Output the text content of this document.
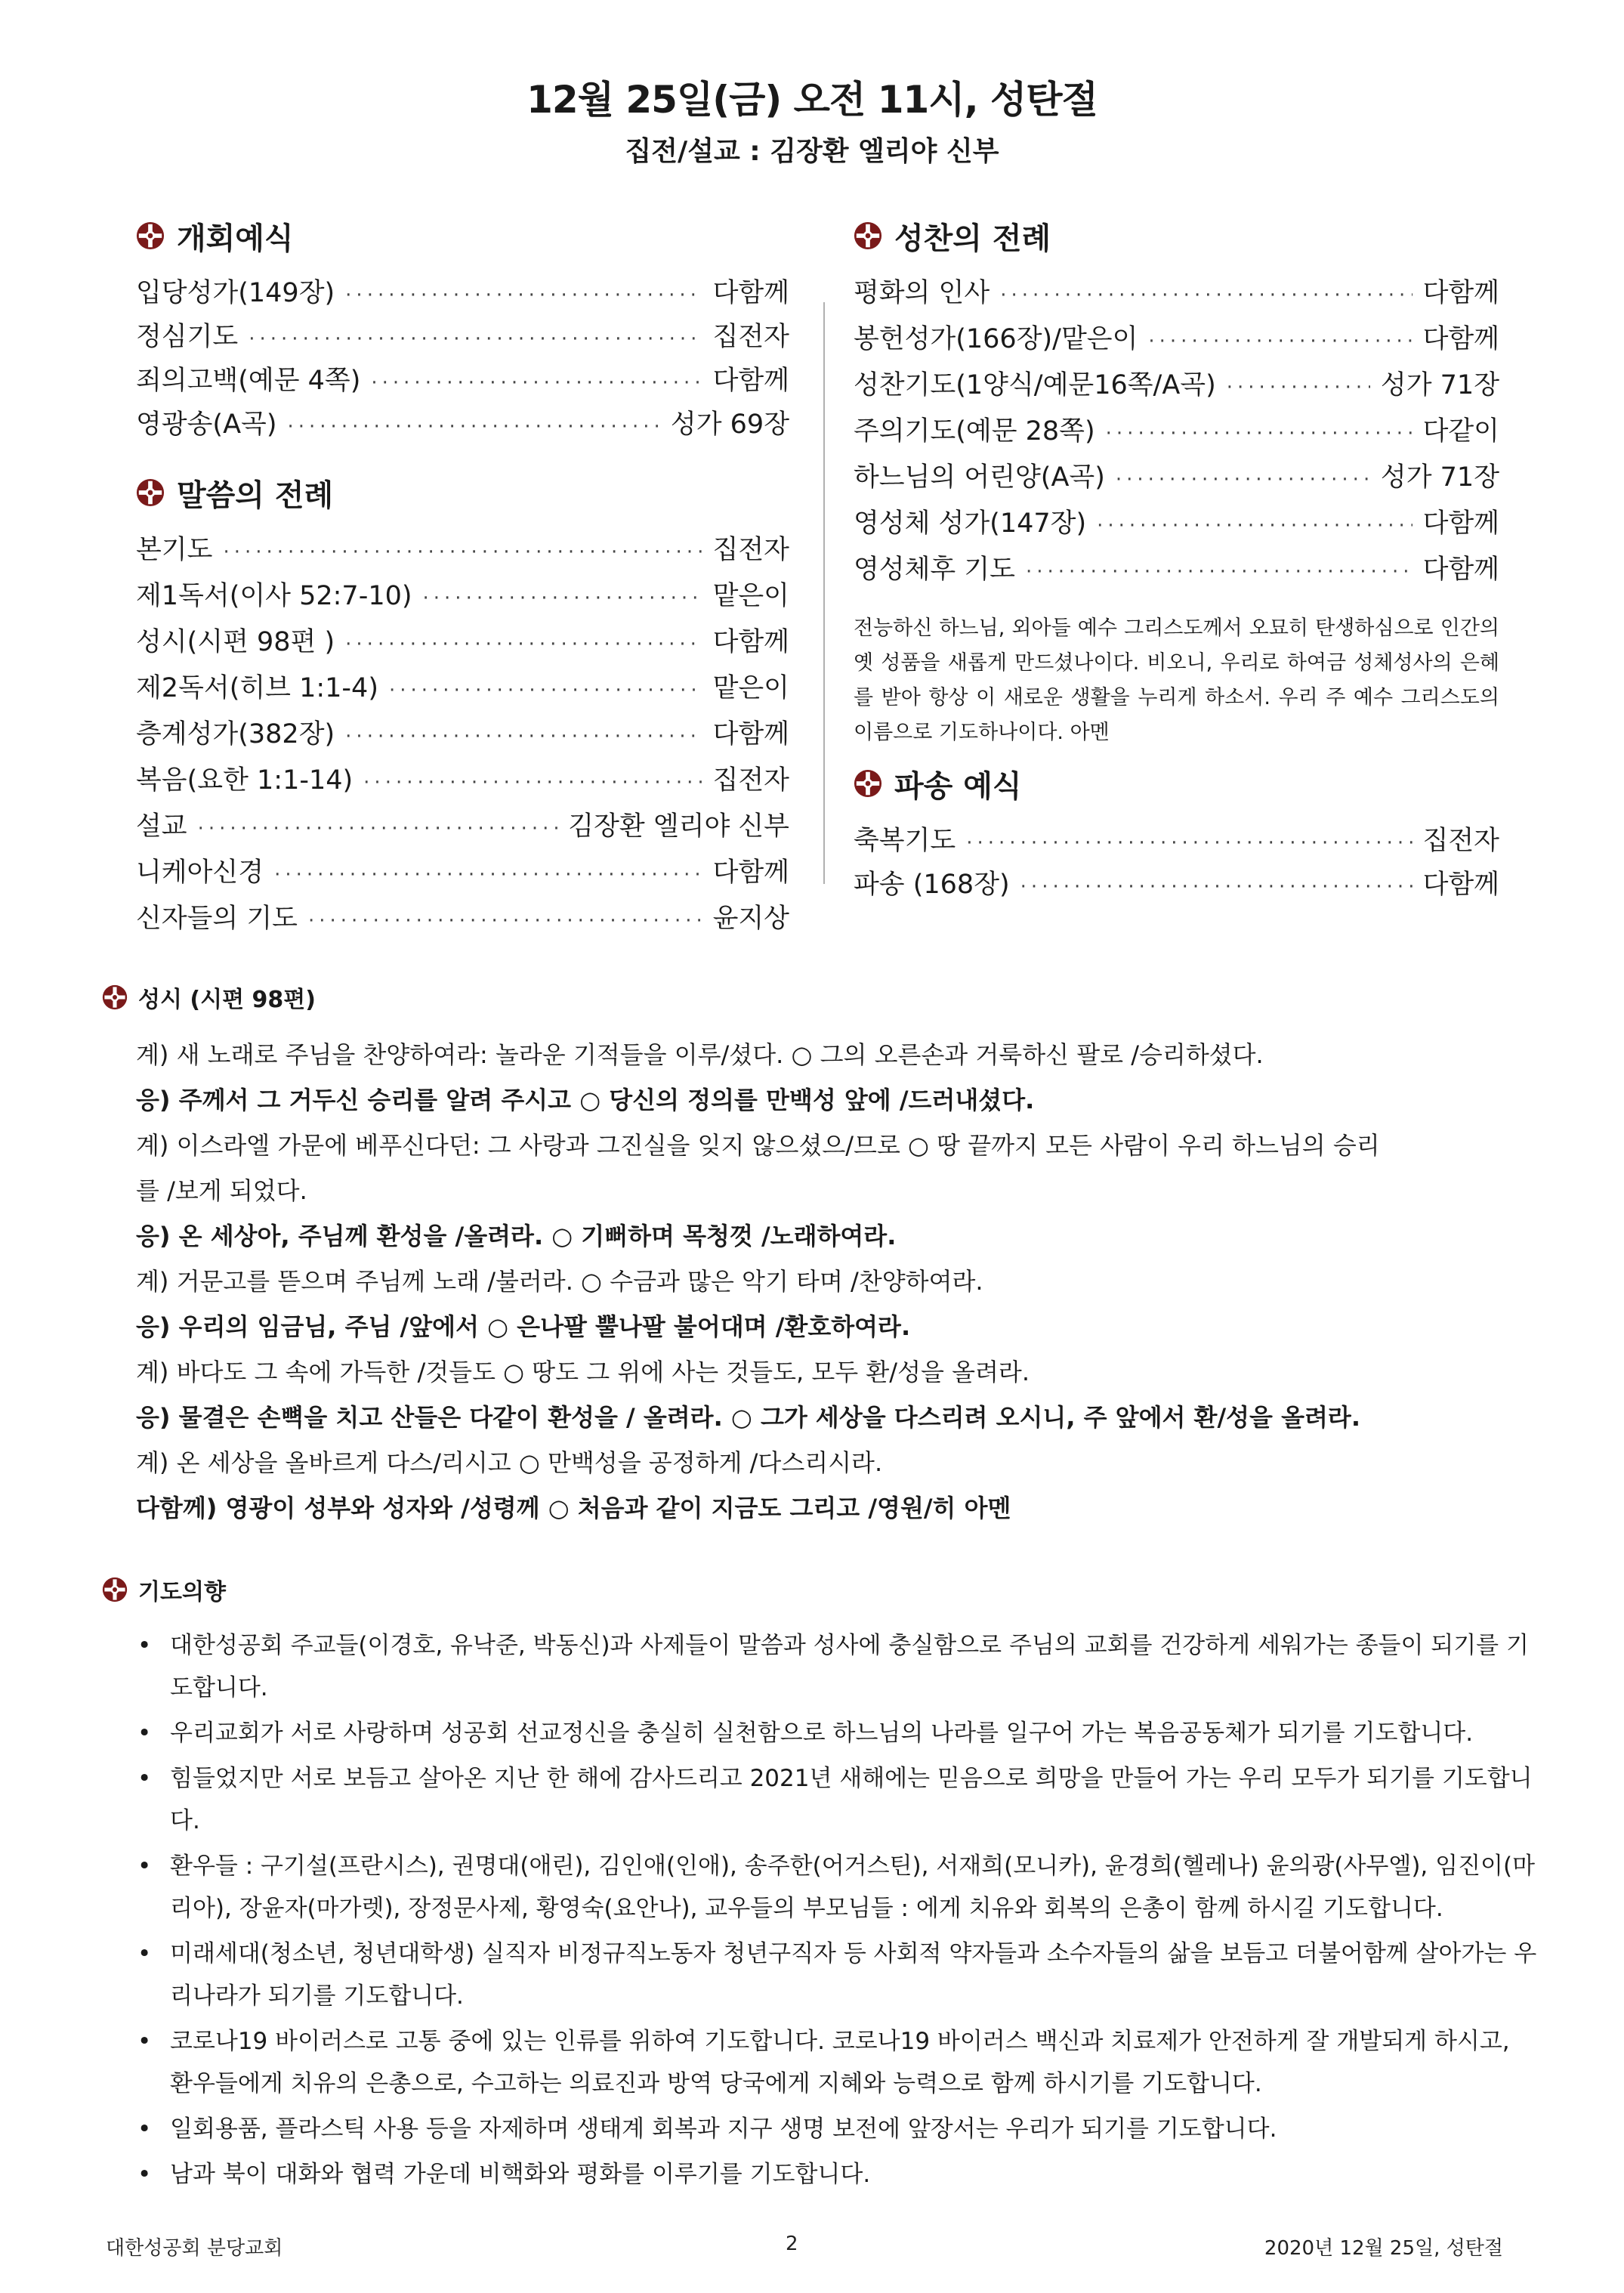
12월 25일(금) 오전 11시, 성탄절
집전/설교 : 김장환 엘리야 신부
개회예식
입당성가(149장) ·····	다함께
정심기도 ·····	집전자
죄의고백(예문 4쪽) ·····	다함께
영광송(A곡) ·····	성가 69장
말씀의 전례
본기도 ·····	집전자
제1독서(이사 52:7-10) ·····	맡은이
성시(시편 98편 ) ·····	다함께
제2독서(히브 1:1-4) ·····	맡은이
층계성가(382장) ·····	다함께
복음(요한 1:1-14) ·····	집전자
설교 ·····	김장환 엘리야 신부
니케아신경 ·····	다함께
신자들의 기도 ·····	윤지상
성찬의 전례
평화의 인사 ·····	다함께
봉헌성가(166장)/맡은이 ·····	다함께
성찬기도(1양식/예문16쪽/A곡) ·····	성가 71장
주의기도(예문 28쪽) ·····	다같이
하느님의 어린양(A곡) ·····	성가 71장
영성체 성가(147장) ·····	다함께
영성체후 기도 ·····	다함께
전능하신 하느님, 외아들 예수 그리스도께서 오묘히 탄생하심으로 인간의 옛 성품을 새롭게 만드셨나이다. 비오니, 우리로 하여금 성체성사의 은혜를 받아 항상 이 새로운 생활을 누리게 하소서. 우리 주 예수 그리스도의 이름으로 기도하나이다. 아멘
파송 예식
축복기도 ·····	집전자
파송 (168장) ·····	다함께
성시 (시편 98편)
계) 새 노래로 주님을 찬양하여라: 놀라운 기적들을 이루/셨다. ○ 그의 오른손과 거룩하신 팔로 /승리하셨다.
응) 주께서 그 거두신 승리를 알려 주시고 ○ 당신의 정의를 만백성 앞에 /드러내셨다.
계) 이스라엘 가문에 베푸신다던: 그 사랑과 그진실을 잊지 않으셨으/므로 ○ 땅 끝까지 모든 사람이 우리 하느님의 승리
를 /보게 되었다.
응) 온 세상아, 주님께 환성을 /올려라. ○ 기뻐하며 목청껏 /노래하여라.
계) 거문고를 뜯으며 주님께 노래 /불러라. ○ 수금과 많은 악기 타며 /찬양하여라.
응) 우리의 임금님, 주님 /앞에서 ○ 은나팔 뿔나팔 불어대며 /환호하여라.
계) 바다도 그 속에 가득한 /것들도 ○ 땅도 그 위에 사는 것들도, 모두 환/성을 올려라.
응) 물결은 손뼉을 치고 산들은 다같이 환성을 / 올려라. ○ 그가 세상을 다스리려 오시니, 주 앞에서 환/성을 올려라.
계) 온 세상을 올바르게 다스/리시고 ○ 만백성을 공정하게 /다스리시라.
다함께) 영광이 성부와 성자와 /성령께 ○ 처음과 같이 지금도 그리고 /영원/히 아멘
기도의향
• 대한성공회 주교들(이경호, 유낙준, 박동신)과 사제들이 말씀과 성사에 충실함으로 주님의 교회를 건강하게 세워가는 종들이 되기를 기도합니다.
• 우리교회가 서로 사랑하며 성공회 선교정신을 충실히 실천함으로 하느님의 나라를 일구어 가는 복음공동체가 되기를 기도합니다.
• 힘들었지만 서로 보듬고 살아온 지난 한 해에 감사드리고 2021년 새해에는 믿음으로 희망을 만들어 가는 우리 모두가 되기를 기도합니다.
• 환우들 : 구기설(프란시스), 권명대(애린), 김인애(인애), 송주한(어거스틴), 서재희(모니카), 윤경희(헬레나) 윤의광(사무엘), 임진이(마리아), 장윤자(마가렛), 장정문사제, 황영숙(요안나), 교우들의 부모님들 : 에게 치유와 회복의 은총이 함께 하시길 기도합니다.
• 미래세대(청소년, 청년대학생) 실직자 비정규직노동자 청년구직자 등 사회적 약자들과 소수자들의 삶을 보듬고 더불어함께 살아가는 우리나라가 되기를 기도합니다.
• 코로나19 바이러스로 고통 중에 있는 인류를 위하여 기도합니다. 코로나19 바이러스 백신과 치료제가 안전하게 잘 개발되게 하시고, 환우들에게 치유의 은총으로, 수고하는 의료진과 방역 당국에게 지혜와 능력으로 함께 하시기를 기도합니다.
• 일회용품, 플라스틱 사용 등을 자제하며 생태계 회복과 지구 생명 보전에 앞장서는 우리가 되기를 기도합니다.
• 남과 북이 대화와 협력 가운데 비핵화와 평화를 이루기를 기도합니다.
대한성공회 분당교회	2	2020년 12월 25일, 성탄절
